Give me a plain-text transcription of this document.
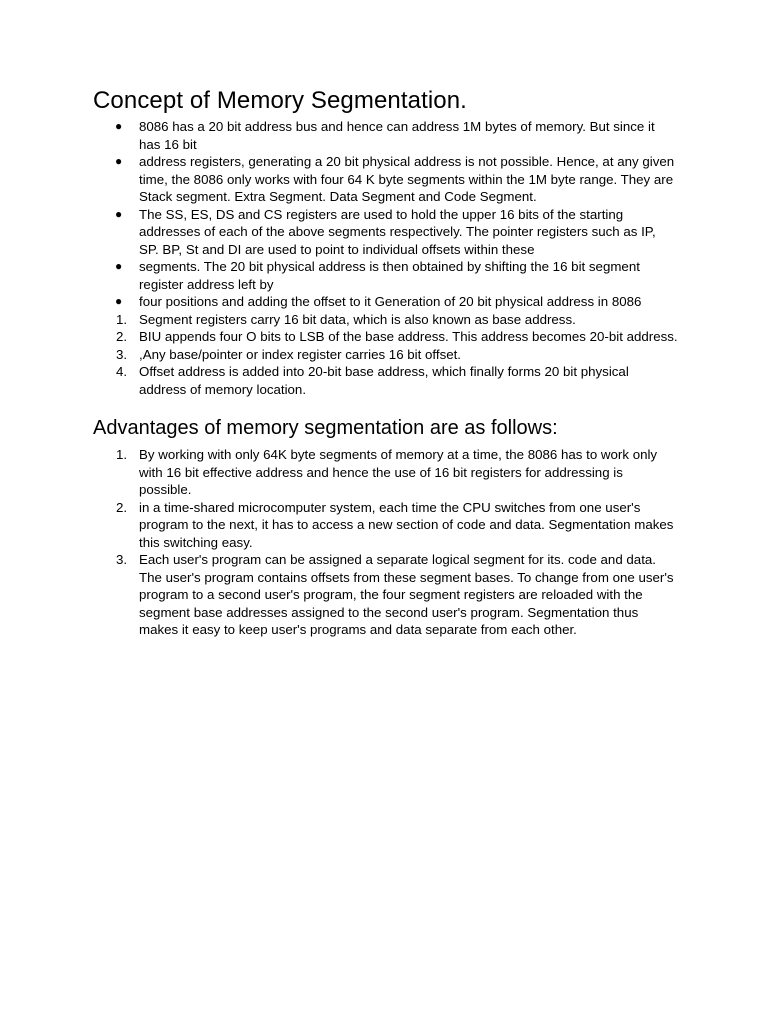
Concept of Memory Segmentation.
●	8086 has a 20 bit address bus and hence can address 1M bytes of memory. But since it has 16 bit
●	address registers, generating a 20 bit physical address is not possible. Hence, at any given time, the 8086 only works with four 64 K byte segments within the 1M byte range. They are Stack segment. Extra Segment. Data Segment and Code Segment.
●	The SS, ES, DS and CS registers are used to hold the upper 16 bits of the starting addresses of each of the above segments respectively. The pointer registers such as IP, SP. BP, St and DI are used to point to individual offsets within these
●	segments. The 20 bit physical address is then obtained by shifting the 16 bit segment register address left by
●	four positions and adding the offset to it Generation of 20 bit physical address in 8086
1. Segment registers carry 16 bit data, which is also known as base address.
2. BIU appends four O bits to LSB of the base address. This address becomes 20-bit address.
3. ,Any base/pointer or index register carries 16 bit offset.
4. Offset address is added into 20-bit base address, which finally forms 20 bit physical address of memory location.
Advantages of memory segmentation are as follows:
1. By working with only 64K byte segments of memory at a time, the 8086 has to work only with 16 bit effective address and hence the use of 16 bit registers for addressing is possible.
2. in a time-shared microcomputer system, each time the CPU switches from one user's program to the next, it has to access a new section of code and data. Segmentation makes this switching easy.
3. Each user's program can be assigned a separate logical segment for its. code and data. The user's program contains offsets from these segment bases. To change from one user's program to a second user's program, the four segment registers are reloaded with the segment base addresses assigned to the second user's program. Segmentation thus makes it easy to keep user's programs and data separate from each other.
